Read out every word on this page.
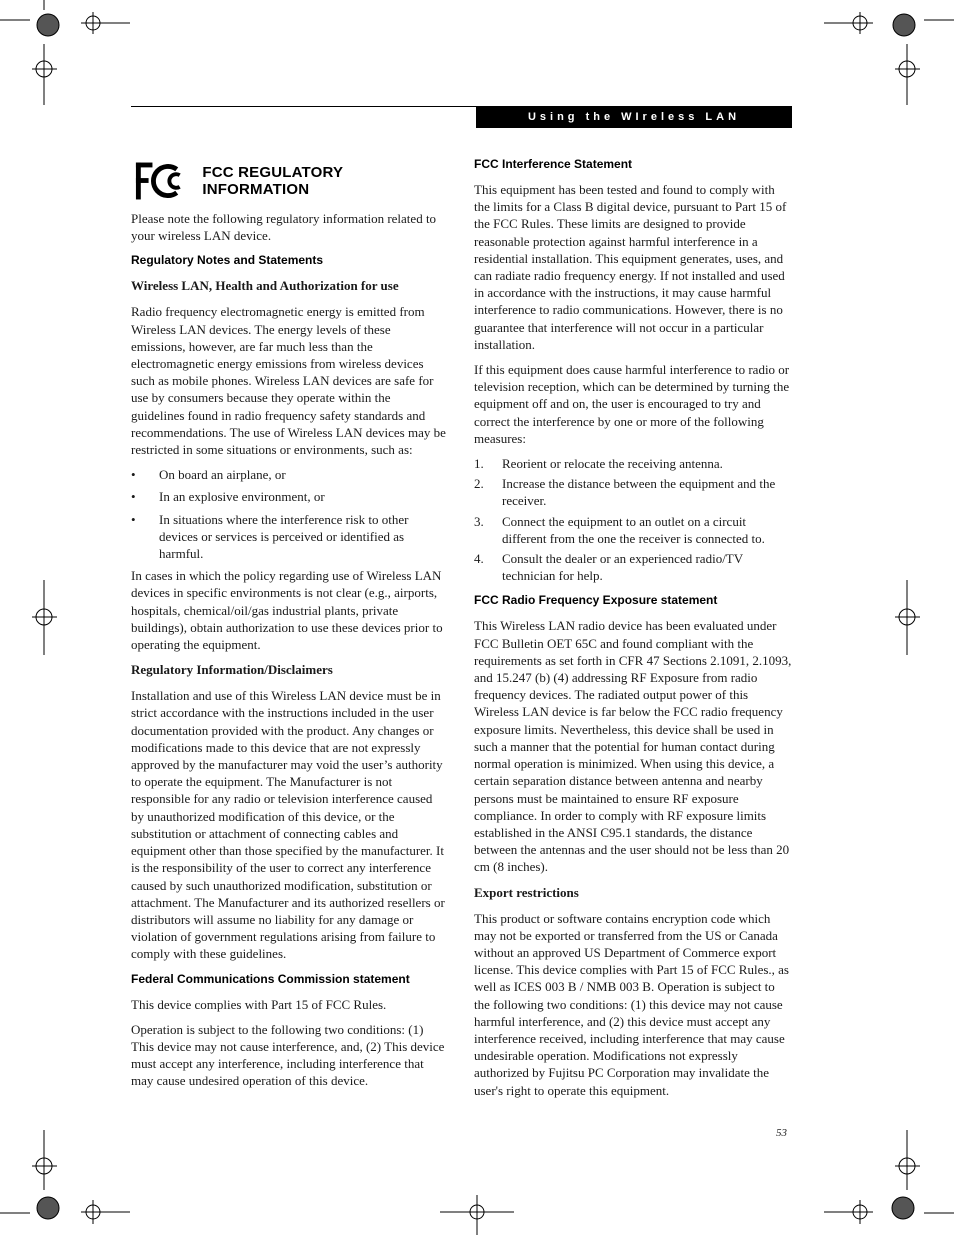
Using the WIreless LAN
FCC REGULATORY INFORMATION

Please note the following regulatory information related to your wireless LAN device.

Regulatory Notes and Statements
Wireless LAN, Health and Authorization for use

Radio frequency electromagnetic energy is emitted from Wireless LAN devices. The energy levels of these emissions, however, are far much less than the electromagnetic energy emissions from wireless devices such as mobile phones. Wireless LAN devices are safe for use by consumers because they operate within the guidelines found in radio frequency safety standards and recommendations. The use of Wireless LAN devices may be restricted in some situations or environments, such as:

• On board an airplane, or
• In an explosive environment, or
• In situations where the interference risk to other devices or services is perceived or identified as harmful.

In cases in which the policy regarding use of Wireless LAN devices in specific environments is not clear (e.g., airports, hospitals, chemical/oil/gas industrial plants, private buildings), obtain authorization to use these devices prior to operating the equipment.

Regulatory Information/Disclaimers

Installation and use of this Wireless LAN device must be in strict accordance with the instructions included in the user documentation provided with the product. Any changes or modifications made to this device that are not expressly approved by the manufacturer may void the user’s authority to operate the equipment. The Manufacturer is not responsible for any radio or television interference caused by unauthorized modification of this device, or the substitution or attachment of connecting cables and equipment other than those specified by the manufacturer. It is the responsibility of the user to correct any interference caused by such unauthorized modification, substitution or attachment. The Manufacturer and its authorized resellers or distributors will assume no liability for any damage or violation of government regulations arising from failure to comply with these guidelines.

Federal Communications Commission statement

This device complies with Part 15 of FCC Rules.

Operation is subject to the following two conditions: (1) This device may not cause interference, and, (2) This device must accept any interference, including interference that may cause undesired operation of this device.

FCC Interference Statement

This equipment has been tested and found to comply with the limits for a Class B digital device, pursuant to Part 15 of the FCC Rules. These limits are designed to provide reasonable protection against harmful interference in a residential installation. This equipment generates, uses, and can radiate radio frequency energy. If not installed and used in accordance with the instructions, it may cause harmful interference to radio communications. However, there is no guarantee that interference will not occur in a particular installation.

If this equipment does cause harmful interference to radio or television reception, which can be determined by turning the equipment off and on, the user is encouraged to try and correct the interference by one or more of the following measures:

1. Reorient or relocate the receiving antenna.
2. Increase the distance between the equipment and the receiver.
3. Connect the equipment to an outlet on a circuit different from the one the receiver is connected to.
4. Consult the dealer or an experienced radio/TV technician for help.
FCC Radio Frequency Exposure statement

This Wireless LAN radio device has been evaluated under FCC Bulletin OET 65C and found compliant with the requirements as set forth in CFR 47 Sections 2.1091, 2.1093, and 15.247 (b) (4) addressing RF Exposure from radio frequency devices. The radiated output power of this Wireless LAN device is far below the FCC radio frequency exposure limits. Nevertheless, this device shall be used in such a manner that the potential for human contact during normal operation is minimized. When using this device, a certain separation distance between antenna and nearby persons must be maintained to ensure RF exposure compliance. In order to comply with RF exposure limits established in the ANSI C95.1 standards, the distance between the antennas and the user should not be less than 20 cm (8 inches).

Export restrictions

This product or software contains encryption code which may not be exported or transferred from the US or Canada without an approved US Department of Commerce export license. This device complies with Part 15 of FCC Rules., as well as ICES 003 B / NMB 003 B. Operation is subject to the following two conditions: (1) this device may not cause harmful interference, and (2) this device must accept any interference received, including interference that may cause undesirable operation. Modifications not expressly authorized by Fujitsu PC Corporation may invalidate the user's right to operate this equipment.

53
